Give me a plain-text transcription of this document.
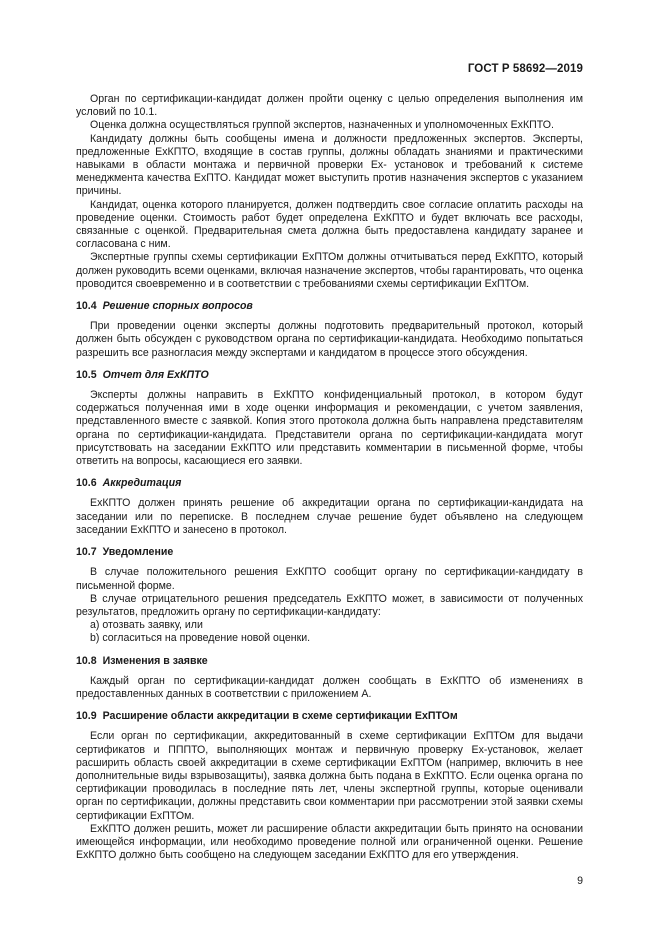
ГОСТ Р 58692—2019

Орган по сертификации-кандидат должен пройти оценку с целью определения выполнения им условий по 10.1.

Оценка должна осуществляться группой экспертов, назначенных и уполномоченных ExКПТО.

Кандидату должны быть сообщены имена и должности предложенных экспертов. Эксперты, предложенные ExКПТО, входящие в состав группы, должны обладать знаниями и практическими навыками в области монтажа и первичной проверки Ex- установок и требований к системе менеджмента качества ExПТО. Кандидат может выступить против назначения экспертов с указанием причины.

Кандидат, оценка которого планируется, должен подтвердить свое согласие оплатить расходы на проведение оценки. Стоимость работ будет определена ExКПТО и будет включать все расходы, связанные с оценкой. Предварительная смета должна быть предоставлена кандидату заранее и согласована с ним.

Экспертные группы схемы сертификации ExПТОм должны отчитываться перед ExКПТО, который должен руководить всеми оценками, включая назначение экспертов, чтобы гарантировать, что оценка проводится своевременно и в соответствии с требованиями схемы сертификации ExПТОм.

10.4 Решение спорных вопросов

При проведении оценки эксперты должны подготовить предварительный протокол, который должен быть обсужден с руководством органа по сертификации-кандидата. Необходимо попытаться разрешить все разногласия между экспертами и кандидатом в процессе этого обсуждения.

10.5 Отчет для ExКПТО

Эксперты должны направить в ExКПТО конфиденциальный протокол, в котором будут содержаться полученная ими в ходе оценки информация и рекомендации, с учетом заявления, представленного вместе с заявкой. Копия этого протокола должна быть направлена представителям органа по сертификации-кандидата. Представители органа по сертификации-кандидата могут присутствовать на заседании ExКПТО или представить комментарии в письменной форме, чтобы ответить на вопросы, касающиеся его заявки.

10.6 Аккредитация

ExКПТО должен принять решение об аккредитации органа по сертификации-кандидата на заседании или по переписке. В последнем случае решение будет объявлено на следующем заседании ExКПТО и занесено в протокол.

10.7 Уведомление

В случае положительного решения ExКПТО сообщит органу по сертификации-кандидату в письменной форме.

В случае отрицательного решения председатель ExКПТО может, в зависимости от полученных результатов, предложить органу по сертификации-кандидату:

a) отозвать заявку, или

b) согласиться на проведение новой оценки.

10.8 Изменения в заявке

Каждый орган по сертификации-кандидат должен сообщать в ExКПТО об изменениях в предоставленных данных в соответствии с приложением А.

10.9 Расширение области аккредитации в схеме сертификации ExПТОм

Если орган по сертификации, аккредитованный в схеме сертификации ExПТОм для выдачи сертификатов и ПППТО, выполняющих монтаж и первичную проверку Ex-установок, желает расширить область своей аккредитации в схеме сертификации ExПТОм (например, включить в нее дополнительные виды взрывозащиты), заявка должна быть подана в ExКПТО. Если оценка органа по сертификации проводилась в последние пять лет, члены экспертной группы, которые оценивали орган по сертификации, должны представить свои комментарии при рассмотрении этой заявки схемы сертификации ExПТОм.

ExКПТО должен решить, может ли расширение области аккредитации быть принято на основании имеющейся информации, или необходимо проведение полной или ограниченной оценки. Решение ExКПТО должно быть сообщено на следующем заседании ExКПТО для его утверждения.

9
